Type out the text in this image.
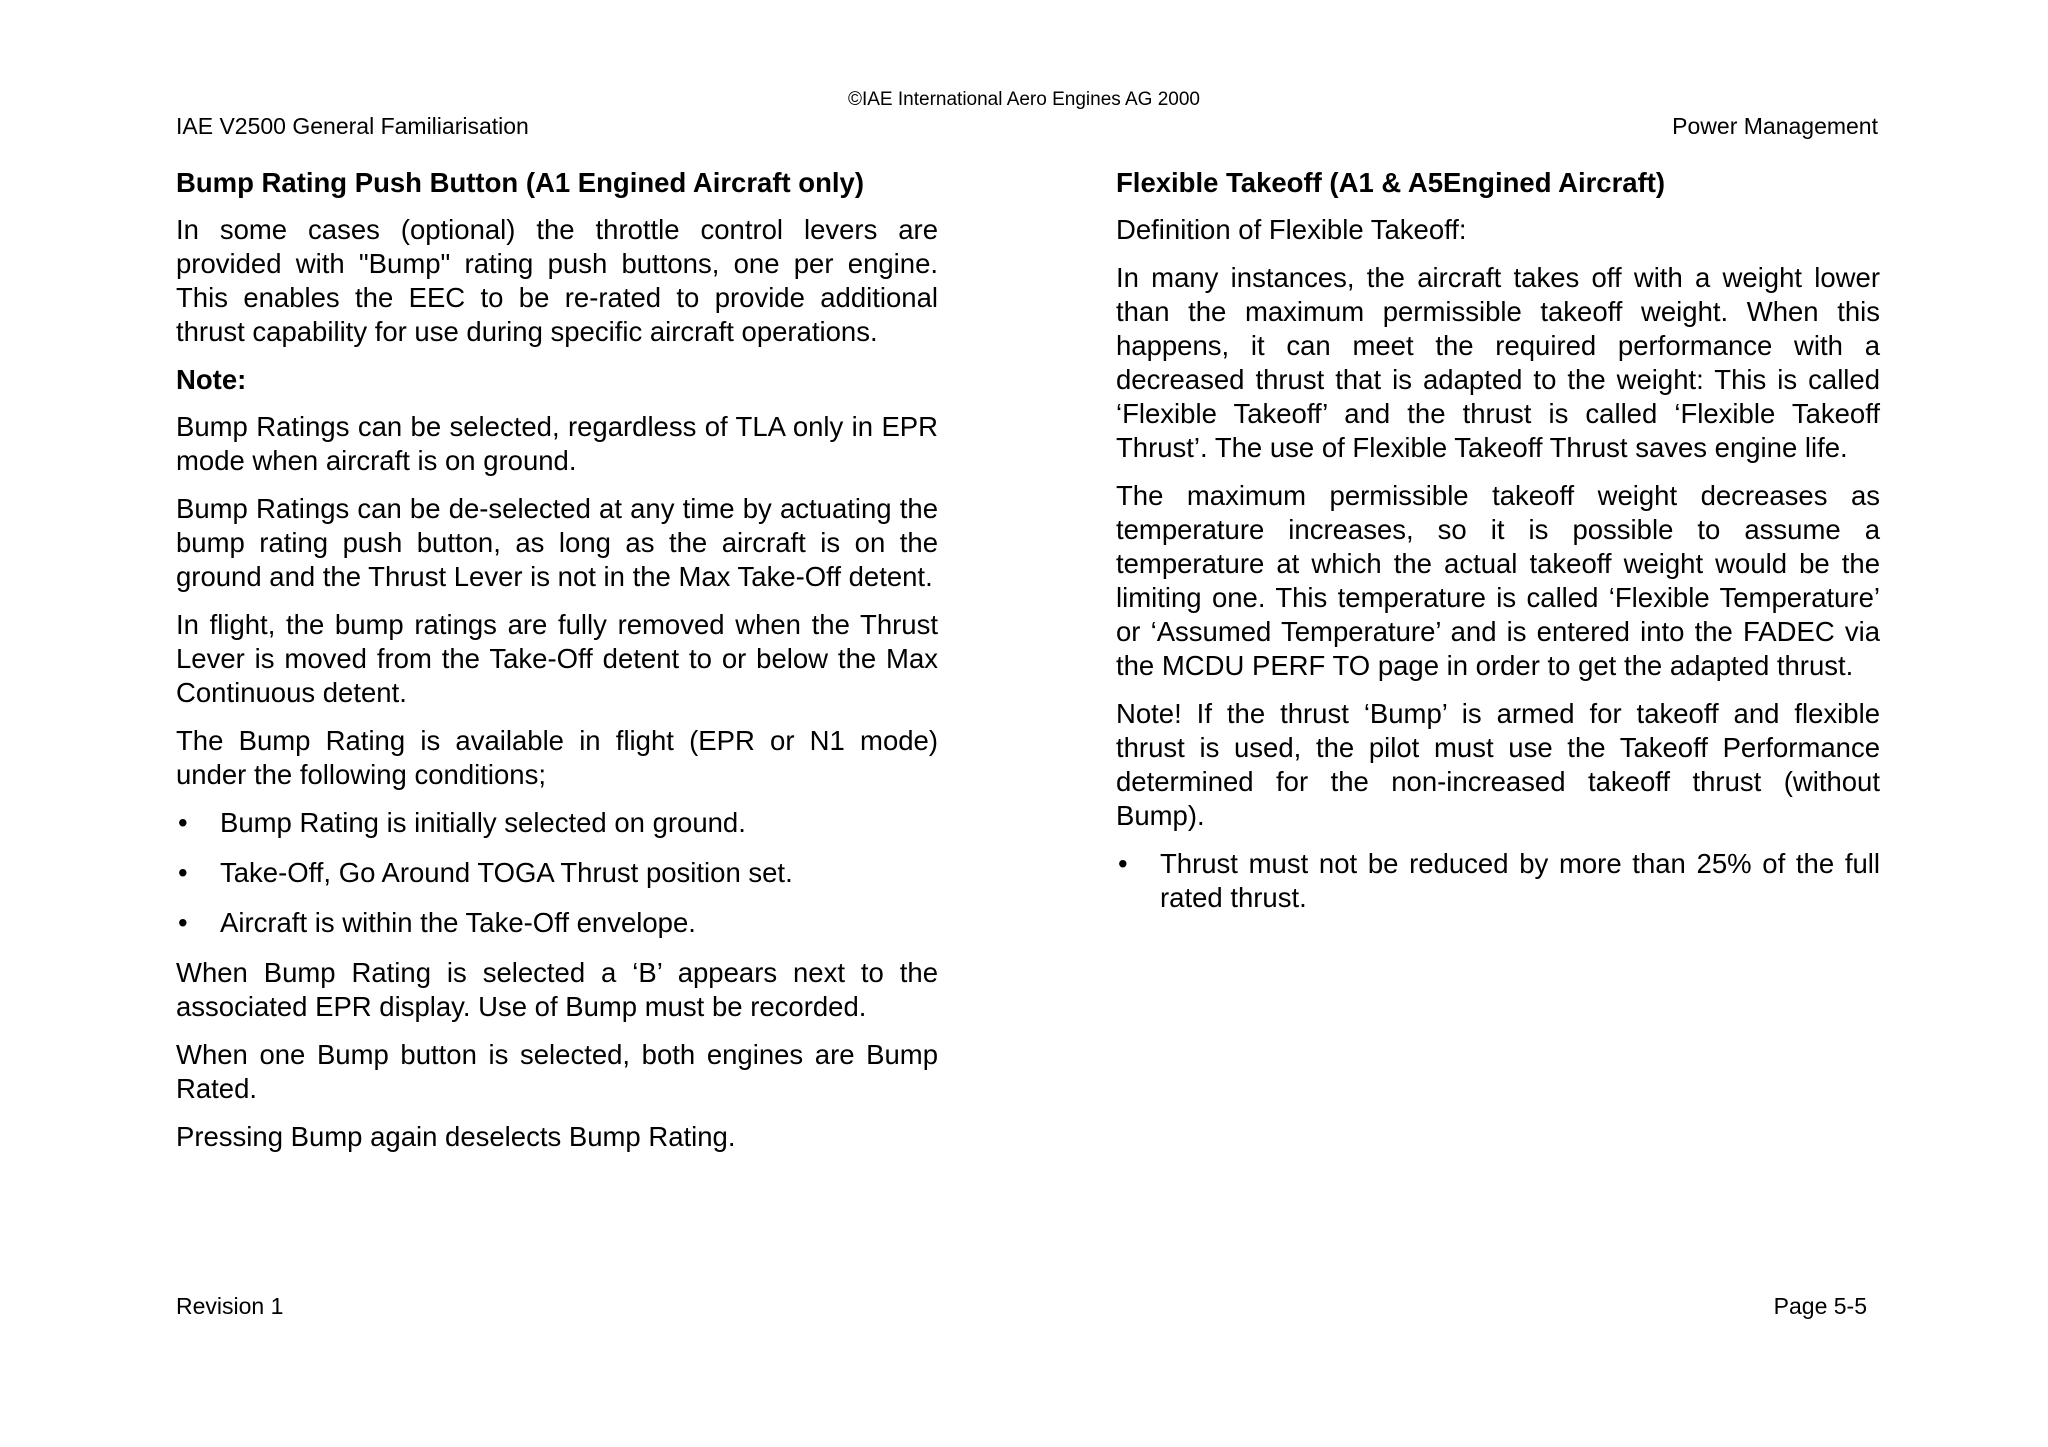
©IAE International Aero Engines AG 2000
IAE V2500 General Familiarisation	Power Management
Bump Rating Push Button (A1 Engined Aircraft only)
In some cases (optional) the throttle control levers are provided with "Bump" rating push buttons, one per engine. This enables the EEC to be re-rated to provide additional thrust capability for use during specific aircraft operations.
Note:
Bump Ratings can be selected, regardless of TLA only in EPR mode when aircraft is on ground.
Bump Ratings can be de-selected at any time by actuating the bump rating push button, as long as the aircraft is on the ground and the Thrust Lever is not in the Max Take-Off detent.
In flight, the bump ratings are fully removed when the Thrust Lever is moved from the Take-Off detent to or below the Max Continuous detent.
The Bump Rating is available in flight (EPR or N1 mode) under the following conditions;
• Bump Rating is initially selected on ground.
• Take-Off, Go Around TOGA Thrust position set.
• Aircraft is within the Take-Off envelope.
When Bump Rating is selected a ‘B’ appears next to the associated EPR display. Use of Bump must be recorded.
When one Bump button is selected, both engines are Bump Rated.
Pressing Bump again deselects Bump Rating.
Flexible Takeoff (A1 & A5Engined Aircraft)
Definition of Flexible Takeoff:
In many instances, the aircraft takes off with a weight lower than the maximum permissible takeoff weight. When this happens, it can meet the required performance with a decreased thrust that is adapted to the weight: This is called ‘Flexible Takeoff’ and the thrust is called ‘Flexible Takeoff Thrust’. The use of Flexible Takeoff Thrust saves engine life.
The maximum permissible takeoff weight decreases as temperature increases, so it is possible to assume a temperature at which the actual takeoff weight would be the limiting one. This temperature is called ‘Flexible Temperature’ or ‘Assumed Temperature’ and is entered into the FADEC via the MCDU PERF TO page in order to get the adapted thrust.
Note! If the thrust ‘Bump’ is armed for takeoff and flexible thrust is used, the pilot must use the Takeoff Performance determined for the non-increased takeoff thrust (without Bump).
• Thrust must not be reduced by more than 25% of the full rated thrust.
Revision 1	Page 5-5
